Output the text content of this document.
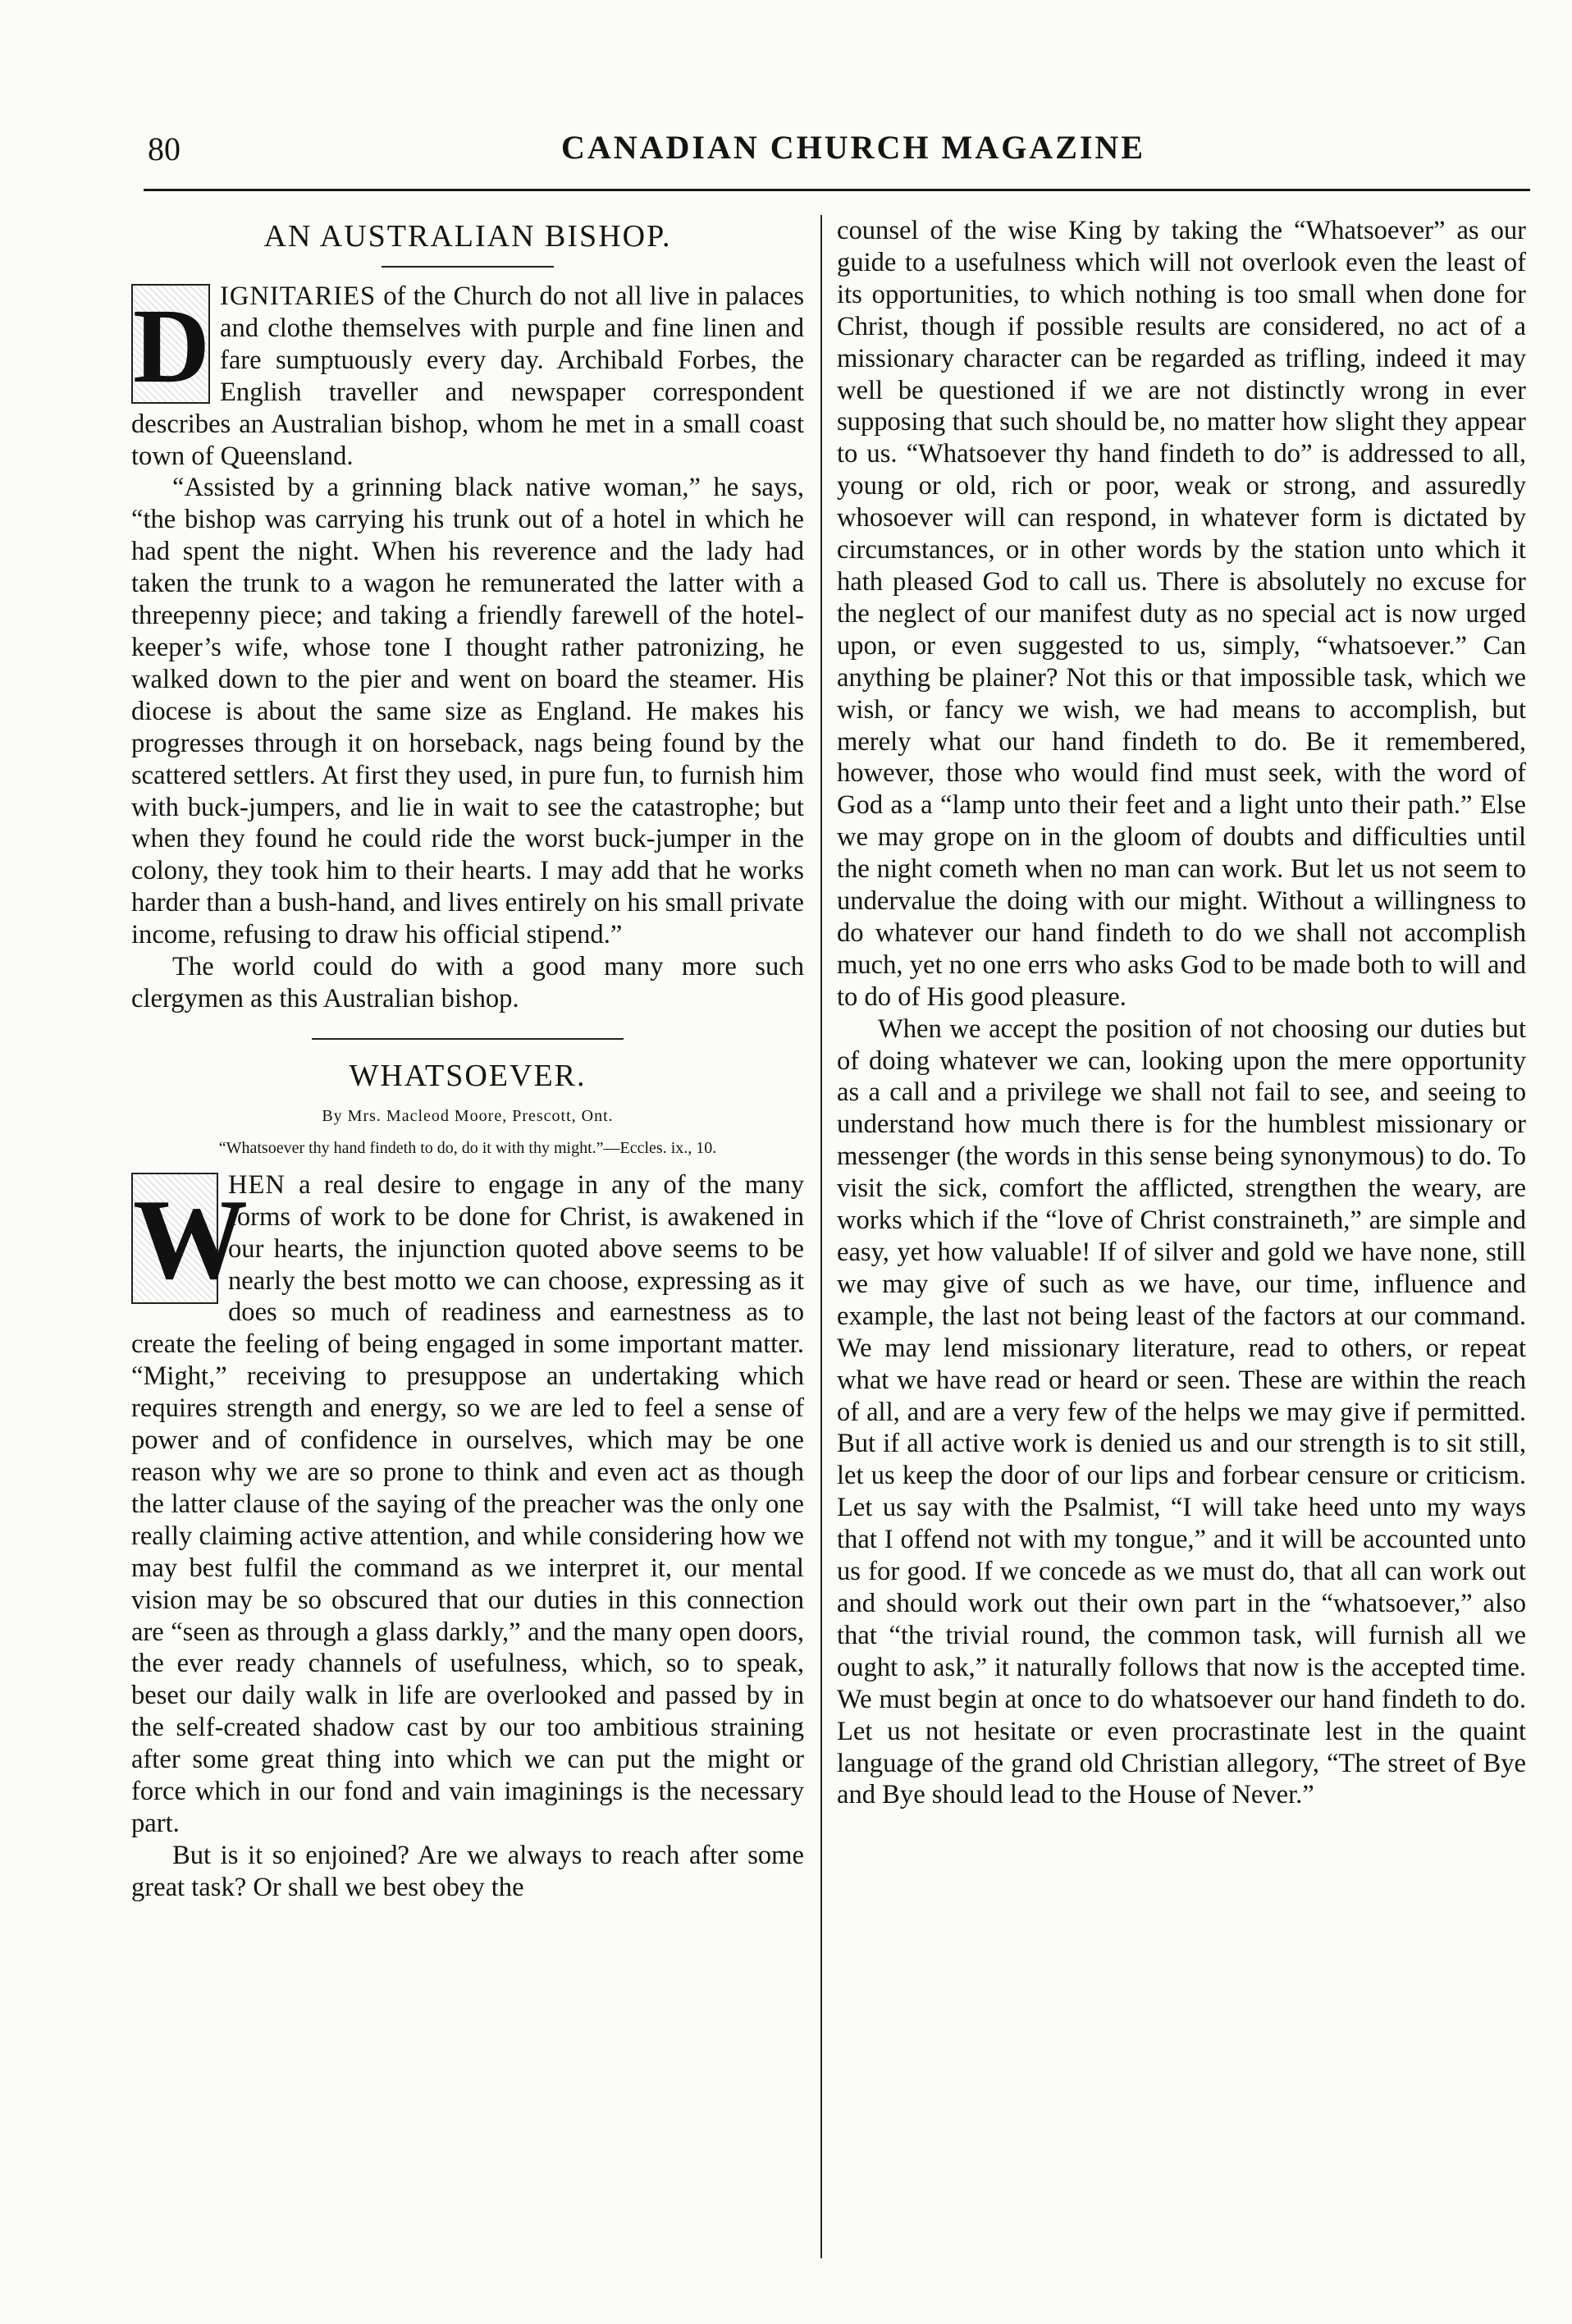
80	CANADIAN CHURCH MAGAZINE
AN AUSTRALIAN BISHOP.

D IGNITARIES of the Church do not all live in palaces and clothe themselves with purple and fine linen and fare sumptuously every day. Archibald Forbes, the English traveller and newspaper correspondent describes an Australian bishop, whom he met in a small coast town of Queensland.

“Assisted by a grinning black native woman,” he says, “the bishop was carrying his trunk out of a hotel in which he had spent the night. When his reverence and the lady had taken the trunk to a wagon he remunerated the latter with a threepenny piece; and taking a friendly farewell of the hotel-keeper’s wife, whose tone I thought rather patronizing, he walked down to the pier and went on board the steamer. His diocese is about the same size as England. He makes his progresses through it on horseback, nags being found by the scattered settlers. At first they used, in pure fun, to furnish him with buck-jumpers, and lie in wait to see the catastrophe; but when they found he could ride the worst buck-jumper in the colony, they took him to their hearts. I may add that he works harder than a bush-hand, and lives entirely on his small private income, refusing to draw his official stipend.”

The world could do with a good many more such clergymen as this Australian bishop.

WHATSOEVER.
By Mrs. Macleod Moore, Prescott, Ont.
“Whatsoever thy hand findeth to do, do it with thy might.”—Eccles. ix., 10.

W
HEN a real desire to engage in any of the many forms of work to be done for Christ, is awakened in our hearts, the injunction quoted above seems to be nearly the best motto we can choose, expressing as it does so much of readiness and earnestness as to create the feeling of being engaged in some important matter. “Might,” receiving to presuppose an undertaking which requires strength and energy, so we are led to feel a sense of power and of confidence in ourselves, which may be one reason why we are so prone to think and even act as though the latter clause of the saying of the preacher was the only one really claiming active attention, and while considering how we may best fulfil the command as we interpret it, our mental vision may be so obscured that our duties in this connection are “seen as through a glass darkly,” and the many open doors, the ever ready channels of usefulness, which, so to speak, beset our daily walk in life are overlooked and passed by in the self-created shadow cast by our too ambitious straining after some great thing into which we can put the might or force which in our fond and vain imaginings is the necessary part.

But is it so enjoined? Are we always to reach after some great task? Or shall we best obey the

counsel of the wise King by taking the “Whatsoever” as our guide to a usefulness which will not overlook even the least of its opportunities, to which nothing is too small when done for Christ, though if possible results are considered, no act of a missionary character can be regarded as trifling, indeed it may well be questioned if we are not distinctly wrong in ever supposing that such should be, no matter how slight they appear to us. “Whatsoever thy hand findeth to do” is addressed to all, young or old, rich or poor, weak or strong, and assuredly whosoever will can respond, in whatever form is dictated by circumstances, or in other words by the station unto which it hath pleased God to call us. There is absolutely no excuse for the neglect of our manifest duty as no special act is now urged upon, or even suggested to us, simply, “whatsoever.” Can anything be plainer? Not this or that impossible task, which we wish, or fancy we wish, we had means to accomplish, but merely what our hand findeth to do. Be it remembered, however, those who would find must seek, with the word of God as a “lamp unto their feet and a light unto their path.” Else we may grope on in the gloom of doubts and difficulties until the night cometh when no man can work. But let us not seem to undervalue the doing with our might. Without a willingness to do whatever our hand findeth to do we shall not accomplish much, yet no one errs who asks God to be made both to will and to do of His good pleasure.

When we accept the position of not choosing our duties but of doing whatever we can, looking upon the mere opportunity as a call and a privilege we shall not fail to see, and seeing to understand how much there is for the humblest missionary or messenger (the words in this sense being synonymous) to do. To visit the sick, comfort the afflicted, strengthen the weary, are works which if the “love of Christ constraineth,” are simple and easy, yet how valuable! If of silver and gold we have none, still we may give of such as we have, our time, influence and example, the last not being least of the factors at our command. We may lend missionary literature, read to others, or repeat what we have read or heard or seen. These are within the reach of all, and are a very few of the helps we may give if permitted. But if all active work is denied us and our strength is to sit still, let us keep the door of our lips and forbear censure or criticism. Let us say with the Psalmist, “I will take heed unto my ways that I offend not with my tongue,” and it will be accounted unto us for good. If we concede as we must do, that all can work out and should work out their own part in the “whatsoever,” also that “the trivial round, the common task, will furnish all we ought to ask,” it naturally follows that now is the accepted time. We must begin at once to do whatsoever our hand findeth to do. Let us not hesitate or even procrastinate lest in the quaint language of the grand old Christian allegory, “The street of Bye and Bye should lead to the House of Never.”
